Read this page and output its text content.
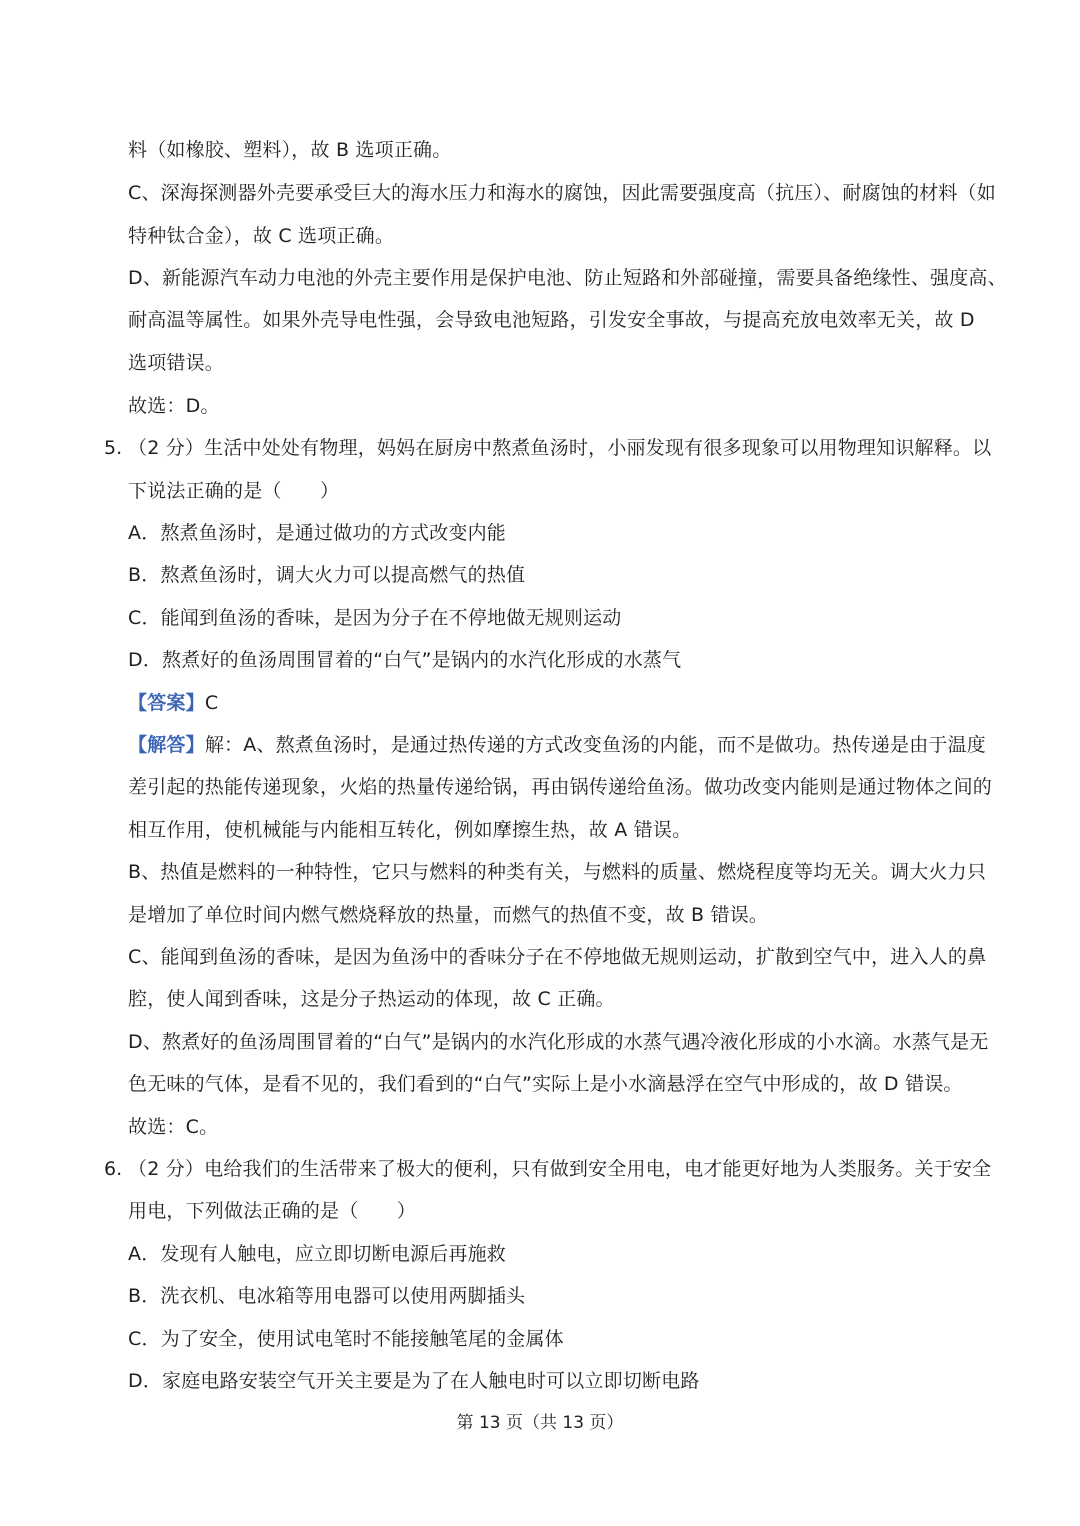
料（如橡胶、塑料），故 B 选项正确。
C、深海探测器外壳要承受巨大的海水压力和海水的腐蚀，因此需要强度高（抗压）、耐腐蚀的材料（如
特种钛合金），故 C 选项正确。
D、新能源汽车动力电池的外壳主要作用是保护电池、防止短路和外部碰撞，需要具备绝缘性、强度高、
耐高温等属性。如果外壳导电性强，会导致电池短路，引发安全事故，与提高充放电效率无关，故 D
选项错误。
故选：D。
5. （2 分）生活中处处有物理，妈妈在厨房中熬煮鱼汤时，小丽发现有很多现象可以用物理知识解释。以
下说法正确的是（　　）
A．熬煮鱼汤时，是通过做功的方式改变内能
B．熬煮鱼汤时，调大火力可以提高燃气的热值
C．能闻到鱼汤的香味，是因为分子在不停地做无规则运动
D．熬煮好的鱼汤周围冒着的“白气”是锅内的水汽化形成的水蒸气
【答案】C
【解答】解：A、熬煮鱼汤时，是通过热传递的方式改变鱼汤的内能，而不是做功。热传递是由于温度
差引起的热能传递现象，火焰的热量传递给锅，再由锅传递给鱼汤。做功改变内能则是通过物体之间的
相互作用，使机械能与内能相互转化，例如摩擦生热，故 A 错误。
B、热值是燃料的一种特性，它只与燃料的种类有关，与燃料的质量、燃烧程度等均无关。调大火力只
是增加了单位时间内燃气燃烧释放的热量，而燃气的热值不变，故 B 错误。
C、能闻到鱼汤的香味，是因为鱼汤中的香味分子在不停地做无规则运动，扩散到空气中，进入人的鼻
腔，使人闻到香味，这是分子热运动的体现，故 C 正确。
D、熬煮好的鱼汤周围冒着的“白气”是锅内的水汽化形成的水蒸气遇冷液化形成的小水滴。水蒸气是无
色无味的气体，是看不见的，我们看到的“白气”实际上是小水滴悬浮在空气中形成的，故 D 错误。
故选：C。
6. （2 分）电给我们的生活带来了极大的便利，只有做到安全用电，电才能更好地为人类服务。关于安全
用电，下列做法正确的是（　　）
A．发现有人触电，应立即切断电源后再施救
B．洗衣机、电冰箱等用电器可以使用两脚插头
C．为了安全，使用试电笔时不能接触笔尾的金属体
D．家庭电路安装空气开关主要是为了在人触电时可以立即切断电路
第 13 页（共 13 页）
